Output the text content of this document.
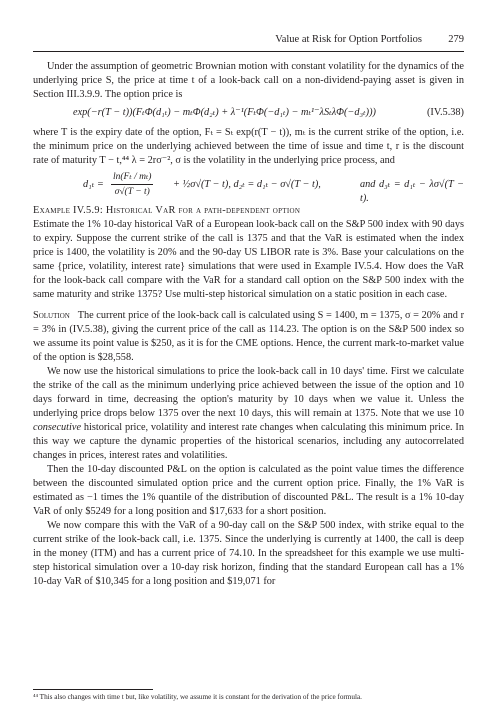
Value at Risk for Option Portfolios	279

Under the assumption of geometric Brownian motion with constant volatility for the dynamics of the underlying price S, the price at time t of a look-back call on a non-dividend-paying asset is given in Section III.3.9.9. The option price is

exp(−r(T − t))(FₜΦ(d₁ₜ) − mₜΦ(d₂ₜ) + λ⁻¹(FₜΦ(−d₁ₜ) − mₜ¹⁻λSₜλΦ(−d₃ₜ)))	(IV.5.38)

where T is the expiry date of the option, Fₜ = Sₜ exp(r(T − t)), mₜ is the current strike of the option, i.e. the minimum price on the underlying achieved between the time of issue and time t, r is the discount rate of maturity T − t,⁴⁴ λ = 2rσ⁻², σ is the volatility in the underlying price process, and

$d_{1t} = \frac{\text{ln(Fₜ / mₜ)}}{\sigma√(T - t)}$ + ½σ√(T − t), d₂ₜ = d₁ₜ − σ√(T − t),	and d₃ₜ = d₁ₜ − λσ√(T − t).

Example IV.5.9: Historical VaR for a path-dependent option

Estimate the 1% 10-day historical VaR of a European look-back call on the S&P 500 index with 90 days to expiry. Suppose the current strike of the call is 1375 and that the VaR is estimated when the index price is 1400, the volatility is 20% and the 90-day US LIBOR rate is 3%. Base your calculations on the same {price, volatility, interest rate} simulations that were used in Example IV.5.4. How does the VaR for the look-back call compare with the VaR for a standard call option on the S&P 500 index with the same maturity and strike 1375? Use multi-step historical simulation on a static position in each case.

Solution The current price of the look-back call is calculated using S = 1400, m = 1375, σ = 20% and r = 3% in (IV.5.38), giving the current price of the call as 114.23. The option is on the S&P 500 index so we assume its point value is $250, as it is for the CME options. Hence, the current mark-to-market value of the option is $28,558.

We now use the historical simulations to price the look-back call in 10 days' time. First we calculate the strike of the call as the minimum underlying price achieved between the issue of the option and 10 days forward in time, decreasing the option's maturity by 10 days when we value it. Unless the underlying price drops below 1375 over the next 10 days, this will remain at 1375. Note that we use 10 consecutive historical price, volatility and interest rate changes when calculating this minimum price. In this way we capture the dynamic properties of the historical scenarios, including any autocorrelated changes in prices, interest rates and volatilities.

Then the 10-day discounted P&L on the option is calculated as the point value times the difference between the discounted simulated option price and the current option price. Finally, the 1% VaR is estimated as −1 times the 1% quantile of the distribution of discounted P&L. The result is a 1% 10-day VaR of only $5249 for a long position and $17,633 for a short position.

We now compare this with the VaR of a 90-day call on the S&P 500 index, with strike equal to the current strike of the look-back call, i.e. 1375. Since the underlying is currently at 1400, the call is deep in the money (ITM) and has a current price of 74.10. In the spreadsheet for this example we use multi-step historical simulation over a 10-day risk horizon, finding that the standard European call has a 1% 10-day VaR of $10,345 for a long position and $19,071 for

⁴⁴ This also changes with time t but, like volatility, we assume it is constant for the derivation of the price formula.
